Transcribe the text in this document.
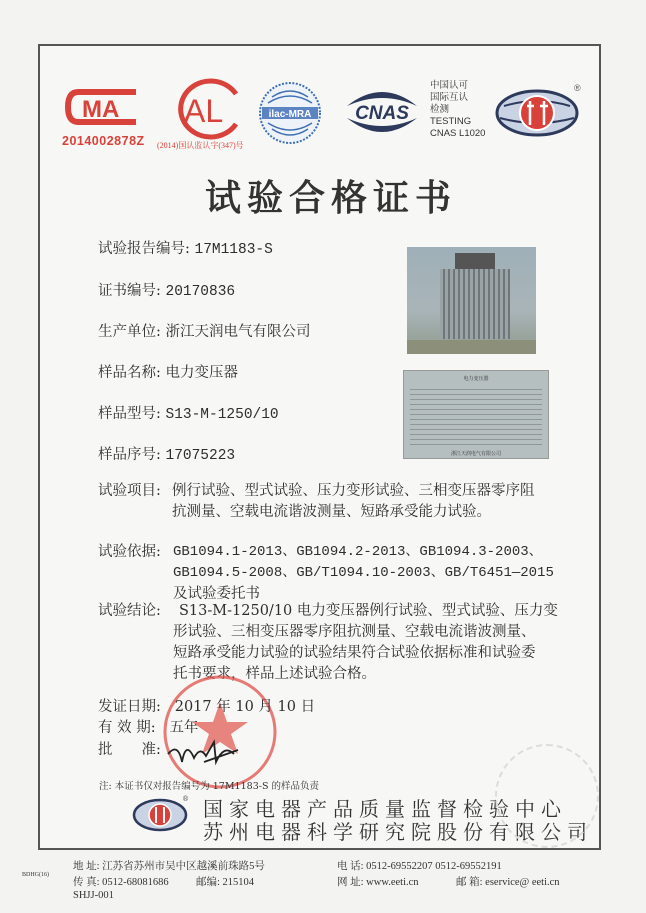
MA
2014002878Z
AL
(2014)国认监认字(347)号
ilac-MRA CNAS
中国认可
国际互认
检测
TESTING
CNAS L1020
®
试验合格证书
试验报告编号: 17M1183-S
证书编号: 20170836
生产单位: 浙江天润电气有限公司
样品名称: 电力变压器
样品型号: S13-M-1250/10
样品序号: 17075223
试验项目: 例行试验、型式试验、压力变形试验、三相变压器零序阻
抗测量、空载电流谐波测量、短路承受能力试验。
试验依据: GB1094.1-2013、GB1094.2-2013、GB1094.3-2003、
GB1094.5-2008、GB/T1094.10-2003、GB/T6451—2015
及试验委托书
试验结论:	S13-M-1250/10 电力变压器例行试验、型式试验、压力变
形试验、三相变压器零序阻抗测量、空载电流谐波测量、
短路承受能力试验的试验结果符合试验依据标准和试验委
托书要求，样品上述试验合格。
发证日期: 2017 年 10 月 10 日
有 效 期: 五年
批　　准:
电力变压器
浙江天润电气有限公司
注: 本证书仅对报告编号为 17M1183-S 的样品负责
® 国家电器产品质量监督检验中心
苏州电器科学研究院股份有限公司
BDHG(16)
地 址: 江苏省苏州市吴中区越溪前珠路5号
传 真: 0512-68081686	邮编: 215104
SHJJ-001
电 话: 0512-69552207 0512-69552191
网 址: www.eeti.cn	邮 箱: eservice@ eeti.cn
